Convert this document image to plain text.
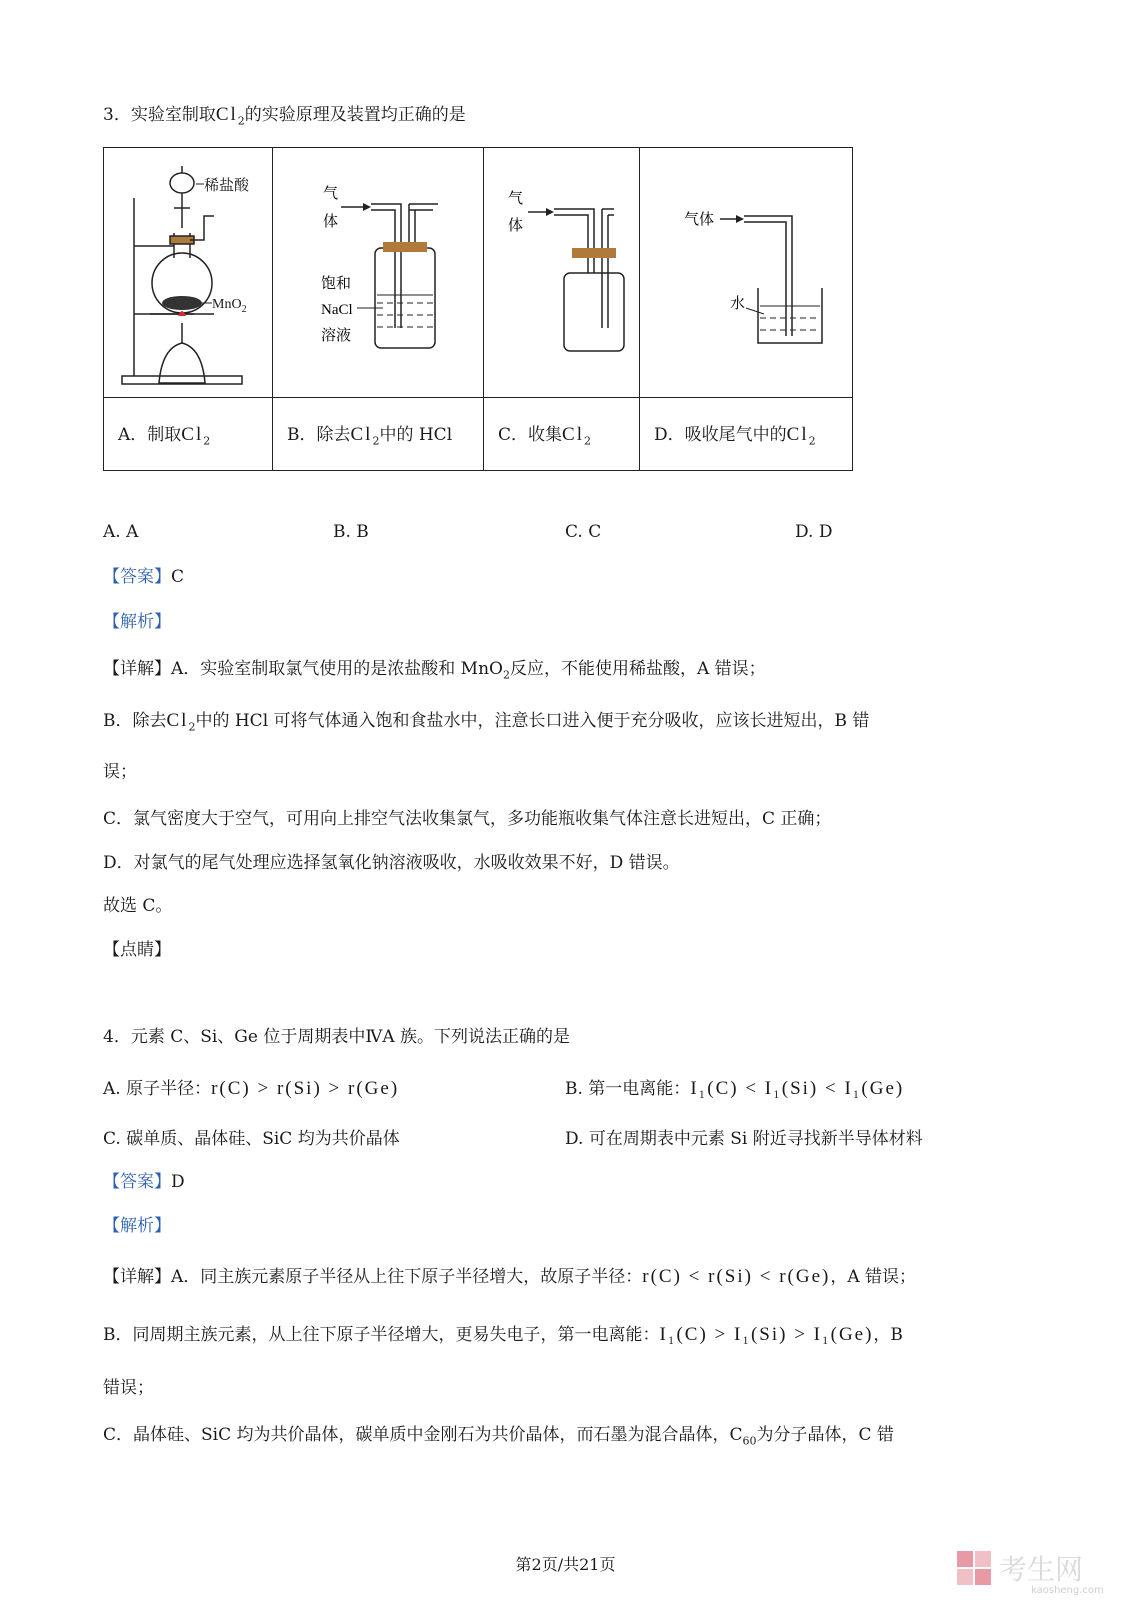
3．实验室制取$Cl_2$的实验原理及装置均正确的是
稀盐酸
MnO$_2$	气
体
饱和
NaCl
溶液	气
体	气体
水

A．制取$Cl_2$	B．除去$Cl_2$中的 HCl	C．收集$Cl_2$	D．吸收尾气中的$Cl_2$
A. A	B. B	C. C	D. D
【答案】C
【解析】
【详解】A．实验室制取氯气使用的是浓盐酸和 MnO$_2$反应，不能使用稀盐酸，A 错误；
B．除去$Cl_2$中的 HCl 可将气体通入饱和食盐水中，注意长口进入便于充分吸收，应该长进短出，B 错
误；
C．氯气密度大于空气，可用向上排空气法收集氯气，多功能瓶收集气体注意长进短出，C 正确；
D．对氯气的尾气处理应选择氢氧化钠溶液吸收，水吸收效果不好，D 错误。
故选 C。
【点睛】
4．元素 C、Si、Ge 位于周期表中ⅣA 族。下列说法正确的是
A. 原子半径：r(C) > r(Si) > r(Ge)	B. 第一电离能：I₁(C) < I₁(Si) < I₁(Ge)
C. 碳单质、晶体硅、SiC 均为共价晶体	D. 可在周期表中元素 Si 附近寻找新半导体材料
【答案】D
【解析】
【详解】A．同主族元素原子半径从上往下原子半径增大，故原子半径：r(C) < r(Si) < r(Ge)，A 错误；
B．同周期主族元素，从上往下原子半径增大，更易失电子，第一电离能：I₁(C) > I₁(Si) > I₁(Ge)，B
错误；
C．晶体硅、SiC 均为共价晶体，碳单质中金刚石为共价晶体，而石墨为混合晶体，$C_{60}$为分子晶体，C 错
第2页/共21页	考生网
kaosheng.com
